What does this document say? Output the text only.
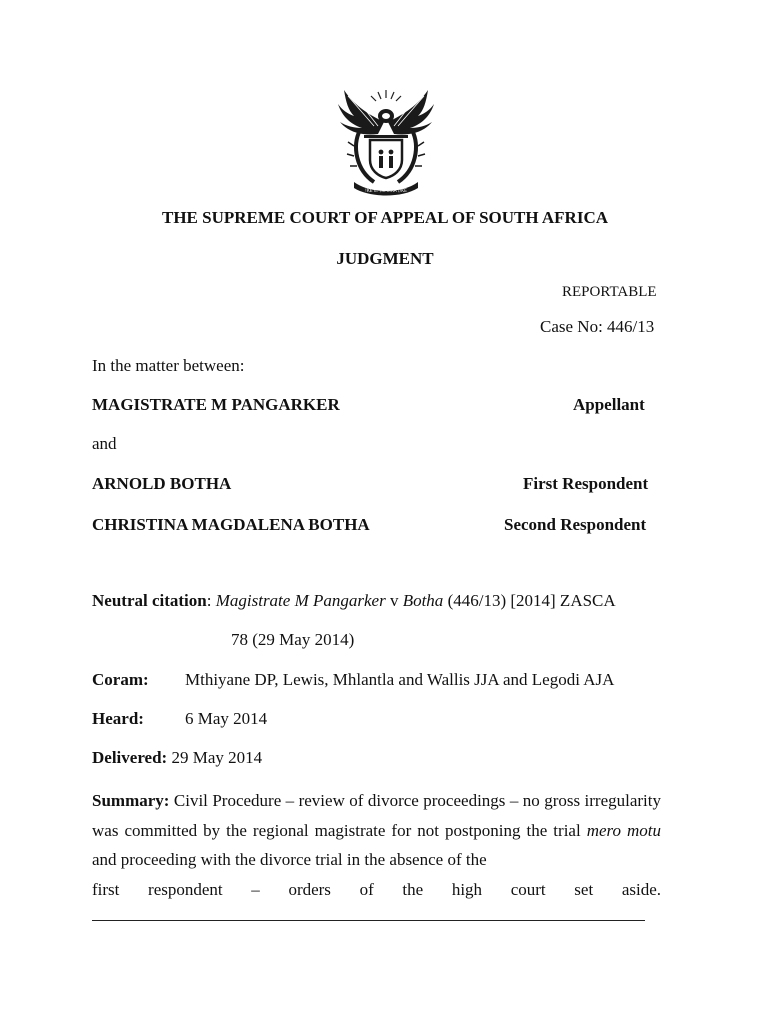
!KE E: /XARRA //KE
THE SUPREME COURT OF APPEAL OF SOUTH AFRICA
JUDGMENT
REPORTABLE
Case No: 446/13
In the matter between:
MAGISTRATE M PANGARKER	Appellant
and
ARNOLD BOTHA	First Respondent
CHRISTINA MAGDALENA BOTHA	Second Respondent
Neutral citation: Magistrate M Pangarker v Botha (446/13) [2014] ZASCA
78 (29 May 2014)
Coram: Mthiyane DP, Lewis, Mhlantla and Wallis JJA and Legodi AJA
Heard: 6 May 2014
Delivered: 29 May 2014
Summary: Civil Procedure – review of divorce proceedings – no gross irregularity was committed by the regional magistrate for not postponing the trial mero motu and proceeding with the divorce trial in the absence of the
first respondent – orders of the high court set aside.
